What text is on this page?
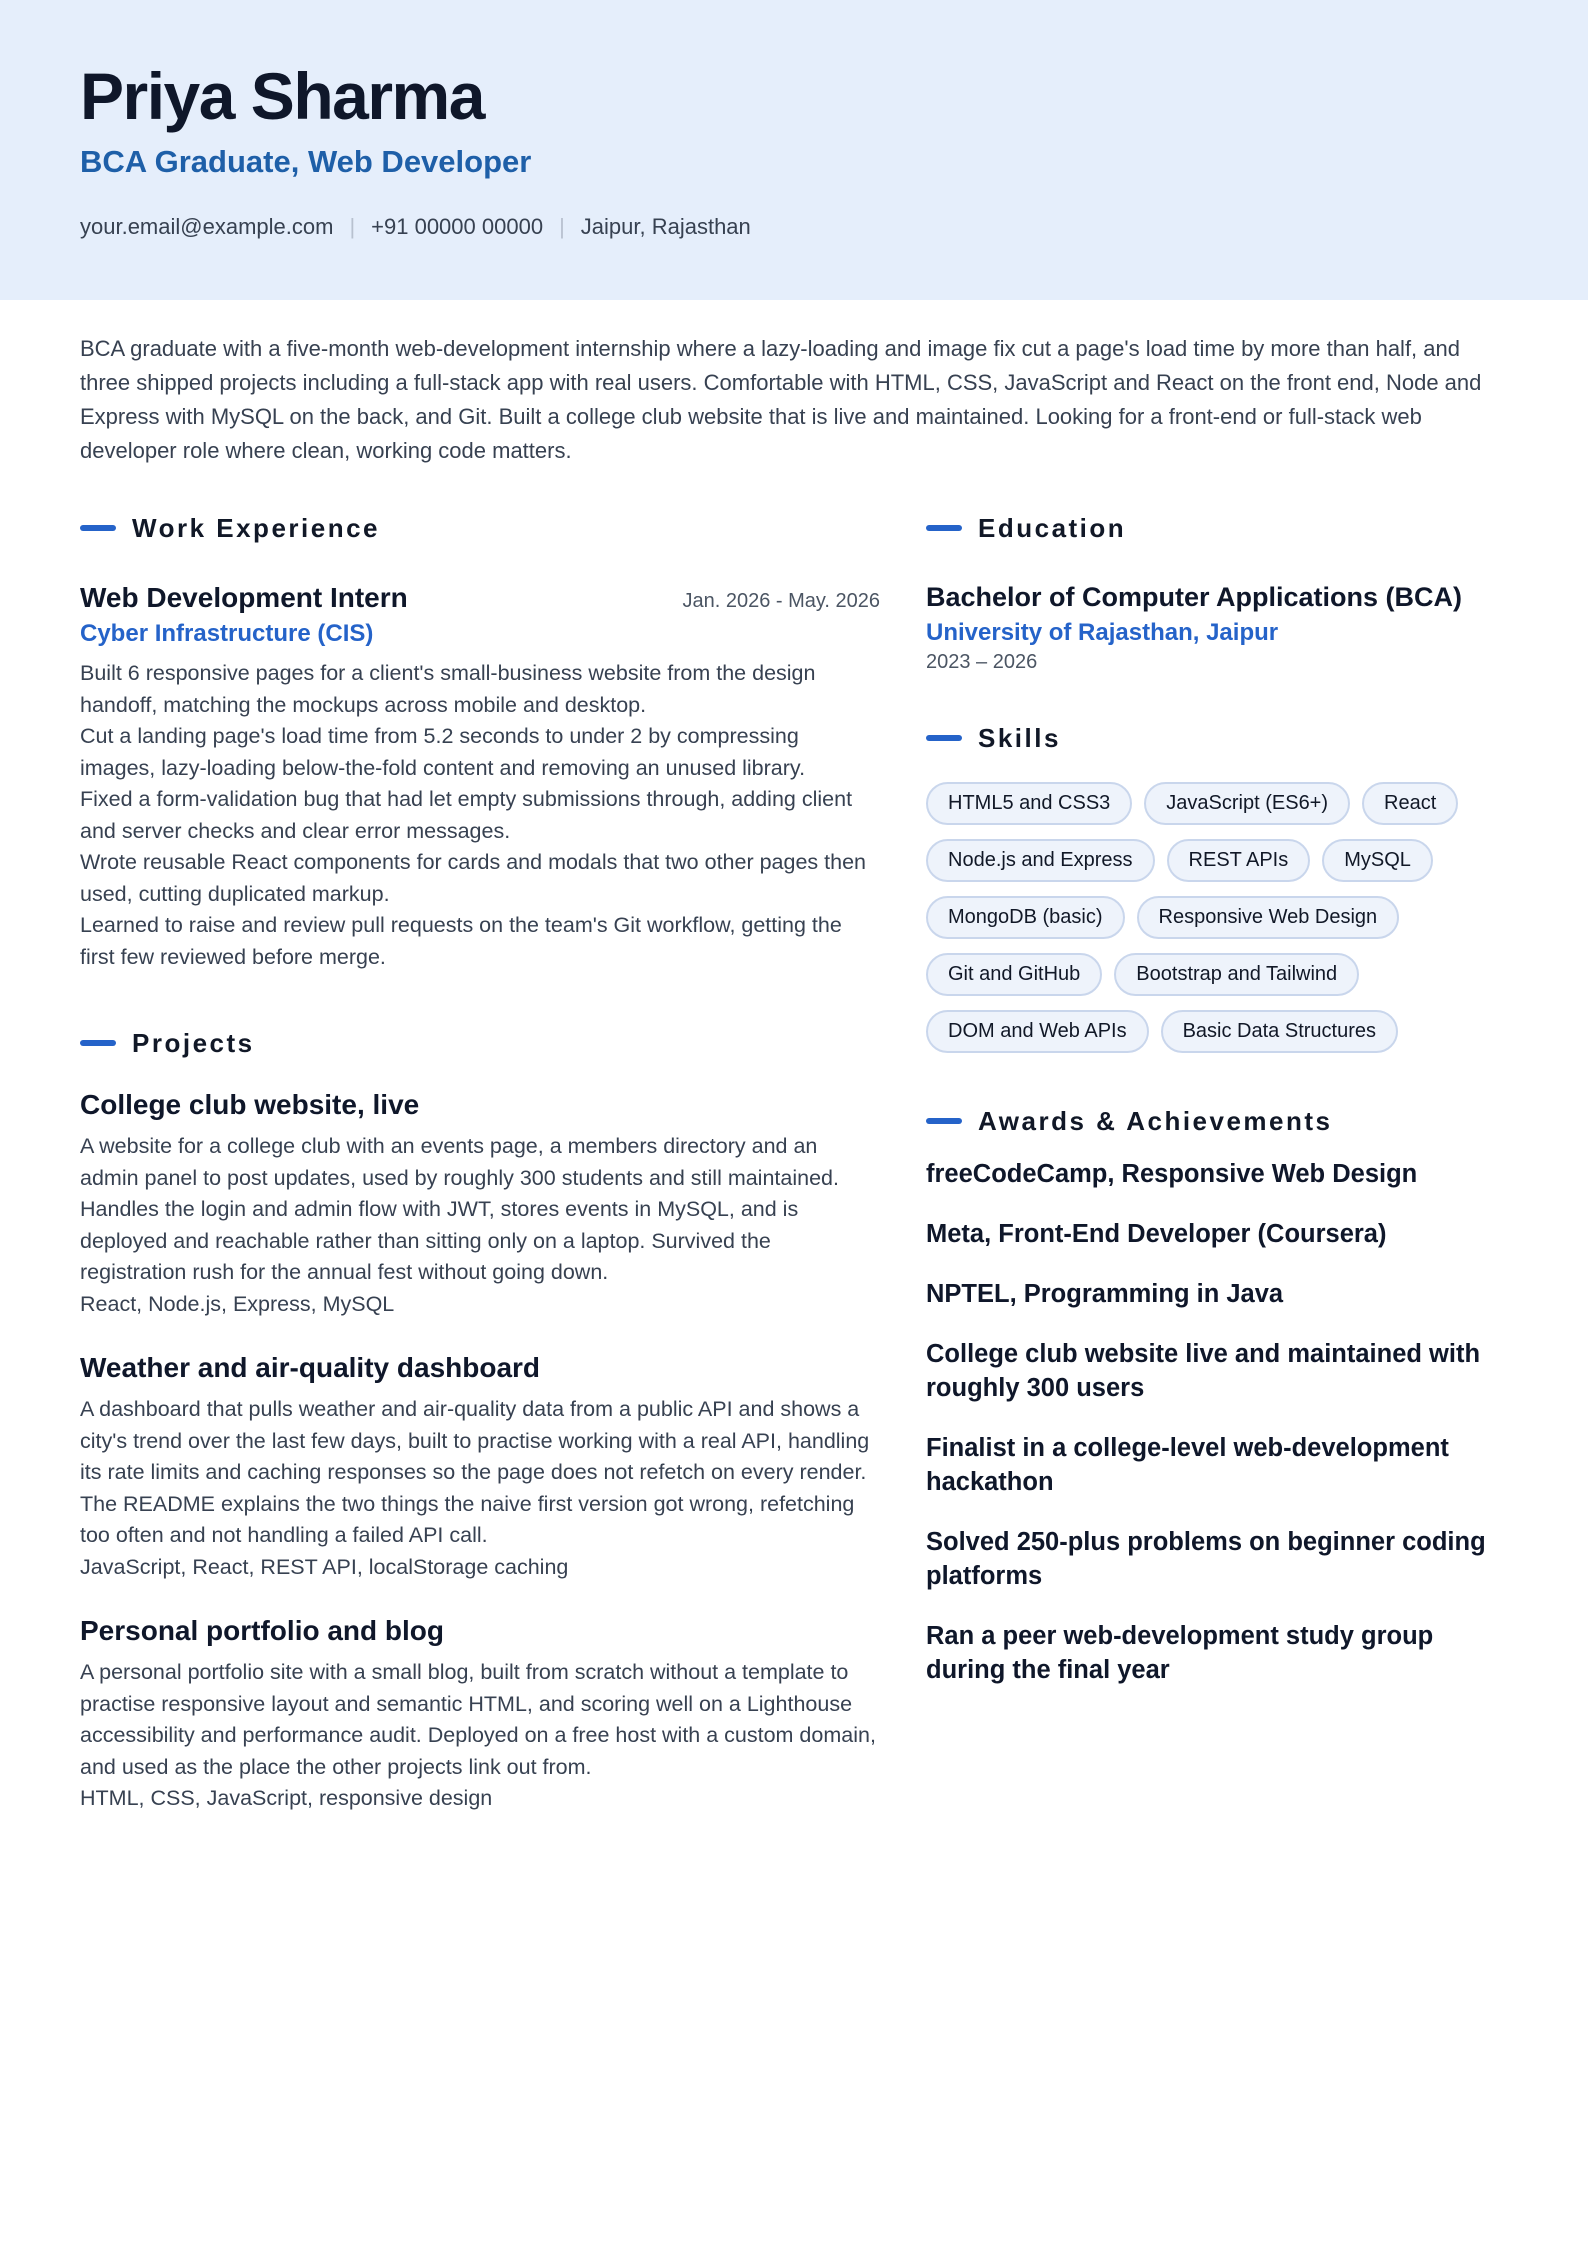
Priya Sharma
BCA Graduate, Web Developer
your.email@example.com | +91 00000 00000 | Jaipur, Rajasthan

BCA graduate with a five-month web-development internship where a lazy-loading and image fix cut a page's load time by more than half, and three shipped projects including a full-stack app with real users. Comfortable with HTML, CSS, JavaScript and React on the front end, Node and Express with MySQL on the back, and Git. Built a college club website that is live and maintained. Looking for a front-end or full-stack web developer role where clean, working code matters.

Work Experience
Web Development Intern	Jan. 2026 - May. 2026
Cyber Infrastructure (CIS)
Built 6 responsive pages for a client's small-business website from the design handoff, matching the mockups across mobile and desktop.
Cut a landing page's load time from 5.2 seconds to under 2 by compressing images, lazy-loading below-the-fold content and removing an unused library.
Fixed a form-validation bug that had let empty submissions through, adding client and server checks and clear error messages.
Wrote reusable React components for cards and modals that two other pages then used, cutting duplicated markup.
Learned to raise and review pull requests on the team's Git workflow, getting the first few reviewed before merge.
Projects
College club website, live

A website for a college club with an events page, a members directory and an admin panel to post updates, used by roughly 300 students and still maintained. Handles the login and admin flow with JWT, stores events in MySQL, and is deployed and reachable rather than sitting only on a laptop. Survived the registration rush for the annual fest without going down.

React, Node.js, Express, MySQL

Weather and air-quality dashboard

A dashboard that pulls weather and air-quality data from a public API and shows a city's trend over the last few days, built to practise working with a real API, handling its rate limits and caching responses so the page does not refetch on every render. The README explains the two things the naive first version got wrong, refetching too often and not handling a failed API call.

JavaScript, React, REST API, localStorage caching

Personal portfolio and blog

A personal portfolio site with a small blog, built from scratch without a template to practise responsive layout and semantic HTML, and scoring well on a Lighthouse accessibility and performance audit. Deployed on a free host with a custom domain, and used as the place the other projects link out from.

HTML, CSS, JavaScript, responsive design

Education
Bachelor of Computer Applications (BCA)
University of Rajasthan, Jaipur
2023 – 2026
Skills
HTML5 and CSS3	JavaScript (ES6+)	React
Node.js and Express	REST APIs	MySQL
MongoDB (basic)	Responsive Web Design
Git and GitHub	Bootstrap and Tailwind
DOM and Web APIs	Basic Data Structures
Awards & Achievements
freeCodeCamp, Responsive Web Design
Meta, Front-End Developer (Coursera)
NPTEL, Programming in Java
College club website live and maintained with roughly 300 users
Finalist in a college-level web-development hackathon
Solved 250-plus problems on beginner coding platforms
Ran a peer web-development study group during the final year
